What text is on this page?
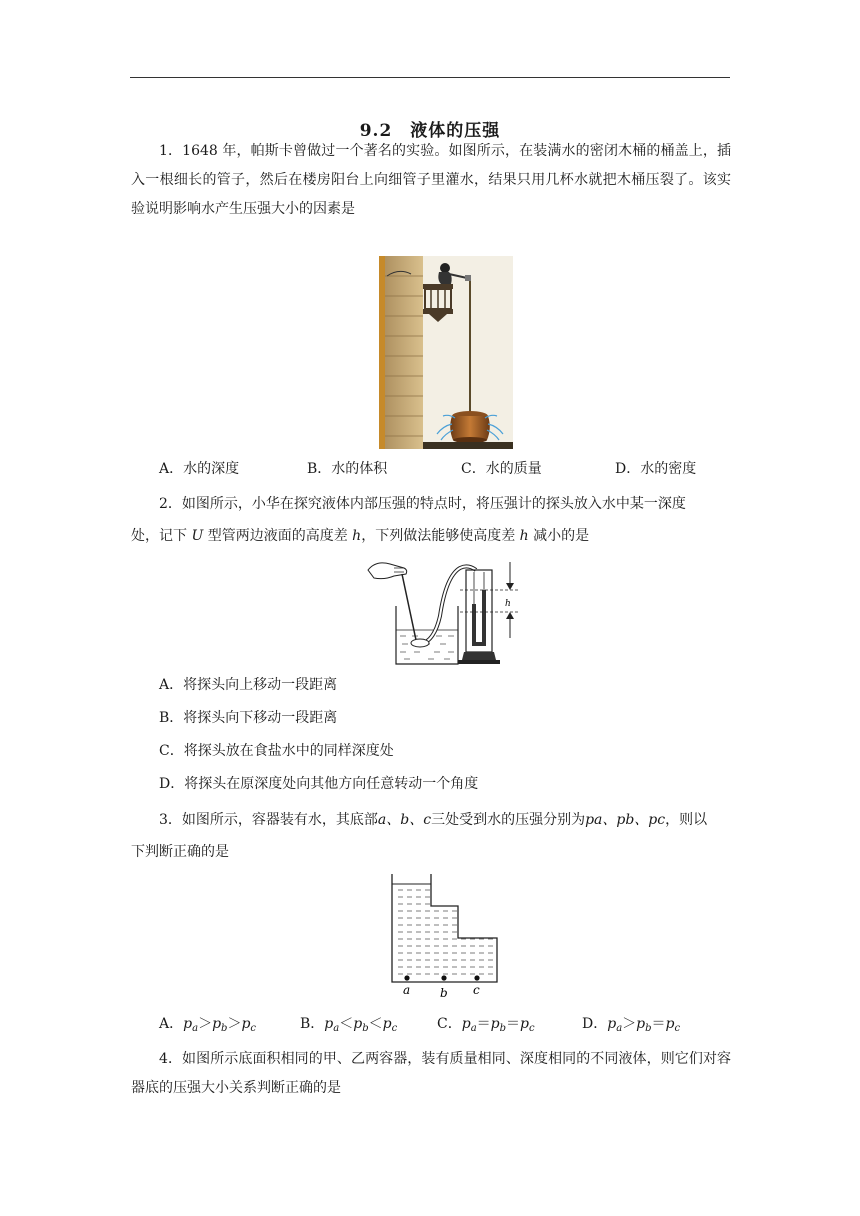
9.2　液体的压强
1．1648 年，帕斯卡曾做过一个著名的实验。如图所示，在装满水的密闭木桶的桶盖上，插入一根细长的管子，然后在楼房阳台上向细管子里灌水，结果只用几杯水就把木桶压裂了。该实验说明影响水产生压强大小的因素是
A．水的深度	B．水的体积	C．水的质量	D．水的密度
2．如图所示，小华在探究液体内部压强的特点时，将压强计的探头放入水中某一深度
处，记下 U 型管两边液面的高度差 h，下列做法能够使高度差 h 减小的是
h
A．将探头向上移动一段距离
B．将探头向下移动一段距离
C．将探头放在食盐水中的同样深度处
D．将探头在原深度处向其他方向任意转动一个角度
3．如图所示，容器装有水，其底部a、b、c三处受到水的压强分别为pa、pb、pc，则以
下判断正确的是
a b c
A．$p_a>p_b>p_c$	B．$p_a<p_b<p_c$	C．$p_a=p_b=p_c$	D．$p_a>p_b=p_c$
4．如图所示底面积相同的甲、乙两容器，装有质量相同、深度相同的不同液体，则它们对容器底的压强大小关系判断正确的是
